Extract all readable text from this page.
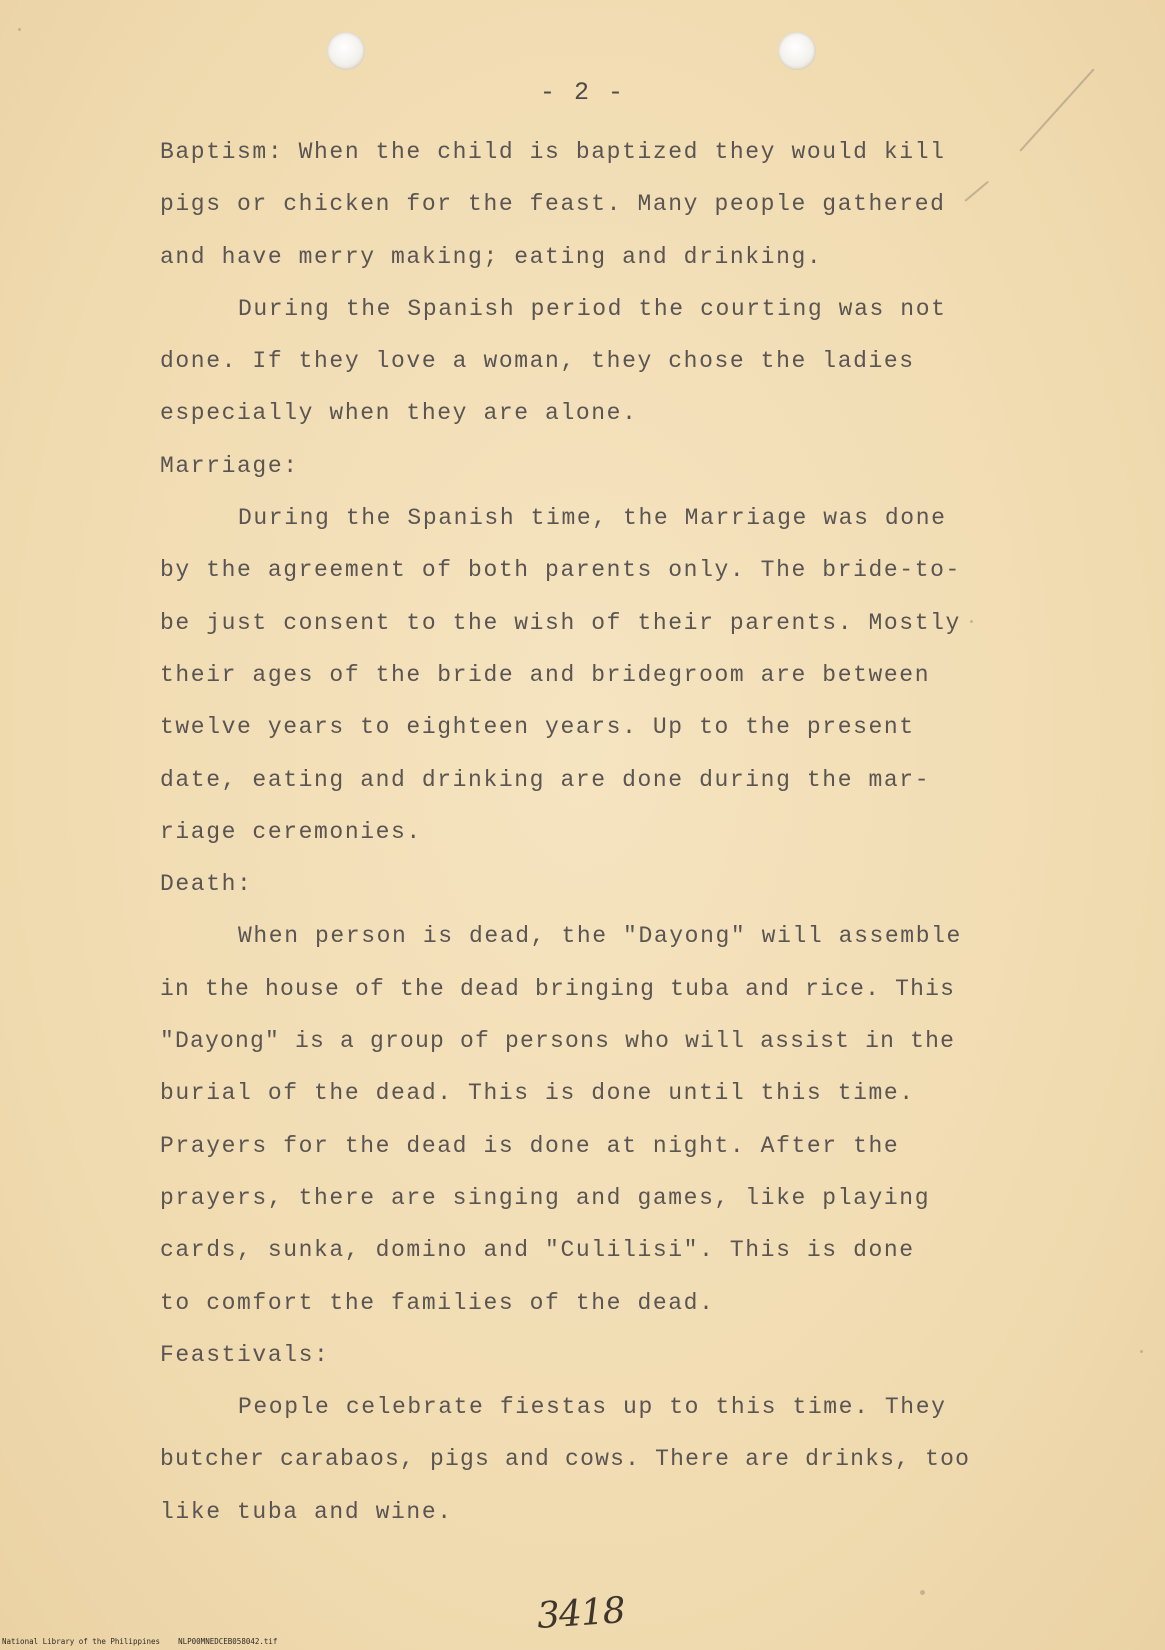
- 2 -
Baptism: When the child is baptized they would kill
pigs or chicken for the feast. Many people gathered
and have merry making; eating and drinking.
During the Spanish period the courting was not
done. If they love a woman, they chose the ladies
especially when they are alone.
Marriage:
During the Spanish time, the Marriage was done
by the agreement of both parents only. The bride-to-
be just consent to the wish of their parents. Mostly
their ages of the bride and bridegroom are between
twelve years to eighteen years. Up to the present
date, eating and drinking are done during the mar-
riage ceremonies.
Death:
When person is dead, the "Dayong" will assemble
in the house of the dead bringing tuba and rice. This
"Dayong" is a group of persons who will assist in the
burial of the dead. This is done until this time.
Prayers for the dead is done at night. After the
prayers, there are singing and games, like playing
cards, sunka, domino and "Culilisi". This is done
to comfort the families of the dead.
Feastivals:
People celebrate fiestas up to this time. They
butcher carabaos, pigs and cows. There are drinks, too
like tuba and wine.
3418
National Library of the Philippines    NLP00MNEDCEB058042.tif
